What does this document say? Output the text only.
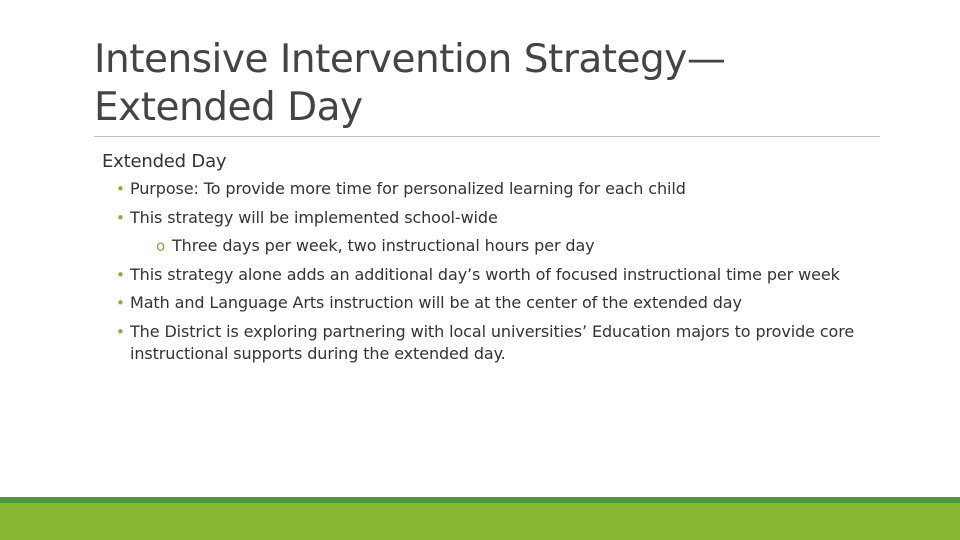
Intensive Intervention Strategy—
Extended Day

Extended Day

• Purpose: To provide more time for personalized learning for each child
• This strategy will be implemented school-wide
o Three days per week, two instructional hours per day
• This strategy alone adds an additional day’s worth of focused instructional time per week
• Math and Language Arts instruction will be at the center of the extended day
• The District is exploring partnering with local universities’ Education majors to provide core instructional supports during the extended day.
